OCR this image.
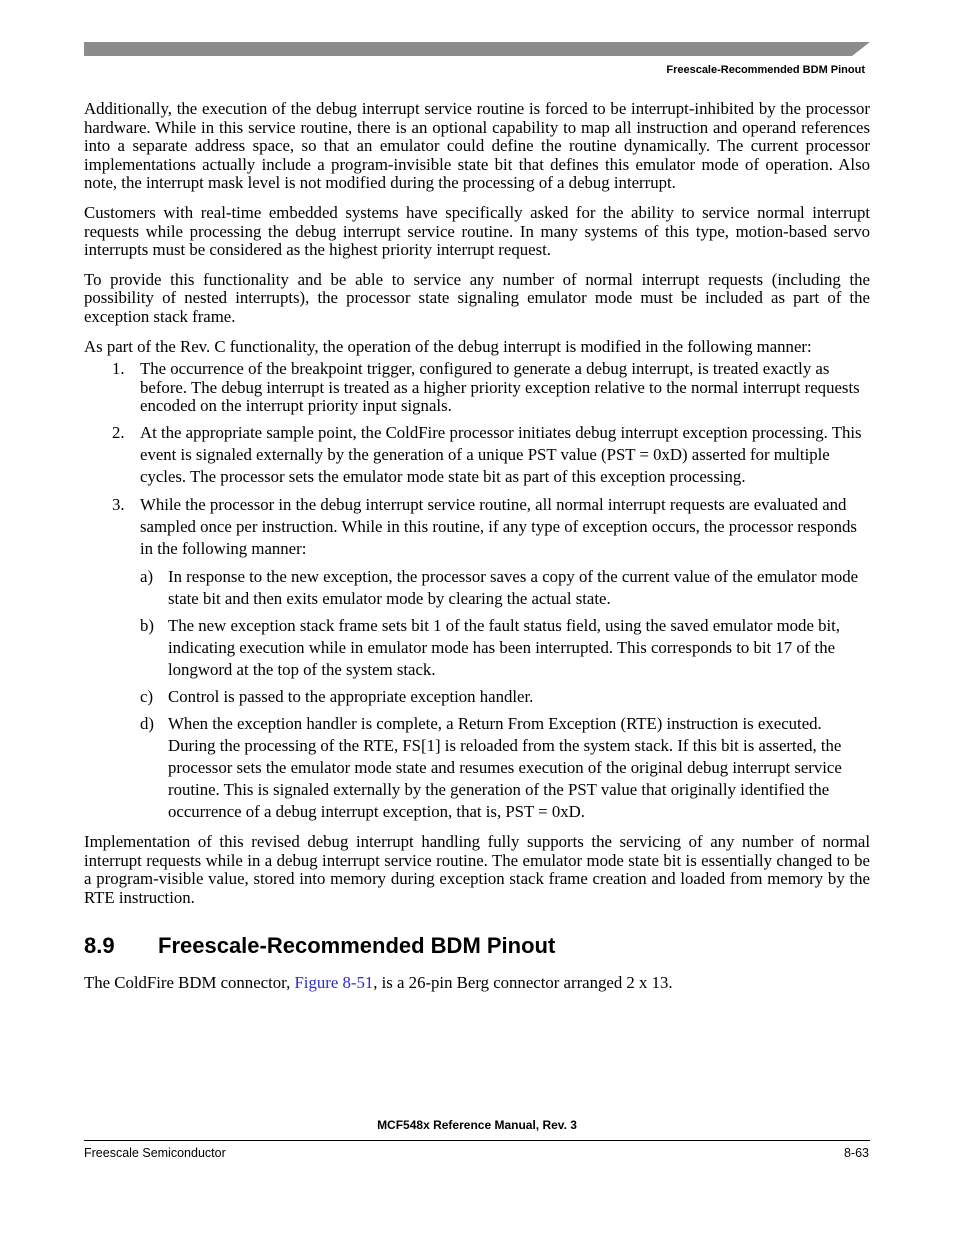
Freescale-Recommended BDM Pinout

Additionally, the execution of the debug interrupt service routine is forced to be interrupt-inhibited by the processor hardware. While in this service routine, there is an optional capability to map all instruction and operand references into a separate address space, so that an emulator could define the routine dynamically. The current processor implementations actually include a program-invisible state bit that defines this emulator mode of operation. Also note, the interrupt mask level is not modified during the processing of a debug interrupt.

Customers with real-time embedded systems have specifically asked for the ability to service normal interrupt requests while processing the debug interrupt service routine. In many systems of this type, motion-based servo interrupts must be considered as the highest priority interrupt request.

To provide this functionality and be able to service any number of normal interrupt requests (including the possibility of nested interrupts), the processor state signaling emulator mode must be included as part of the exception stack frame.

As part of the Rev. C functionality, the operation of the debug interrupt is modified in the following manner:

1. The occurrence of the breakpoint trigger, configured to generate a debug interrupt, is treated exactly as before. The debug interrupt is treated as a higher priority exception relative to the normal interrupt requests encoded on the interrupt priority input signals.
2. At the appropriate sample point, the ColdFire processor initiates debug interrupt exception processing. This event is signaled externally by the generation of a unique PST value (PST = 0xD) asserted for multiple cycles. The processor sets the emulator mode state bit as part of this exception processing.
3. While the processor in the debug interrupt service routine, all normal interrupt requests are evaluated and sampled once per instruction. While in this routine, if any type of exception occurs, the processor responds in the following manner:
a) In response to the new exception, the processor saves a copy of the current value of the emulator mode state bit and then exits emulator mode by clearing the actual state.
b) The new exception stack frame sets bit 1 of the fault status field, using the saved emulator mode bit, indicating execution while in emulator mode has been interrupted. This corresponds to bit 17 of the longword at the top of the system stack.
c) Control is passed to the appropriate exception handler.
d) When the exception handler is complete, a Return From Exception (RTE) instruction is executed. During the processing of the RTE, FS[1] is reloaded from the system stack. If this bit is asserted, the processor sets the emulator mode state and resumes execution of the original debug interrupt service routine. This is signaled externally by the generation of the PST value that originally identified the occurrence of a debug interrupt exception, that is, PST = 0xD.

Implementation of this revised debug interrupt handling fully supports the servicing of any number of normal interrupt requests while in a debug interrupt service routine. The emulator mode state bit is essentially changed to be a program-visible value, stored into memory during exception stack frame creation and loaded from memory by the RTE instruction.

8.9 Freescale-Recommended BDM Pinout

The ColdFire BDM connector, Figure 8-51, is a 26-pin Berg connector arranged 2 x 13.

MCF548x Reference Manual, Rev. 3
Freescale Semiconductor	8-63
